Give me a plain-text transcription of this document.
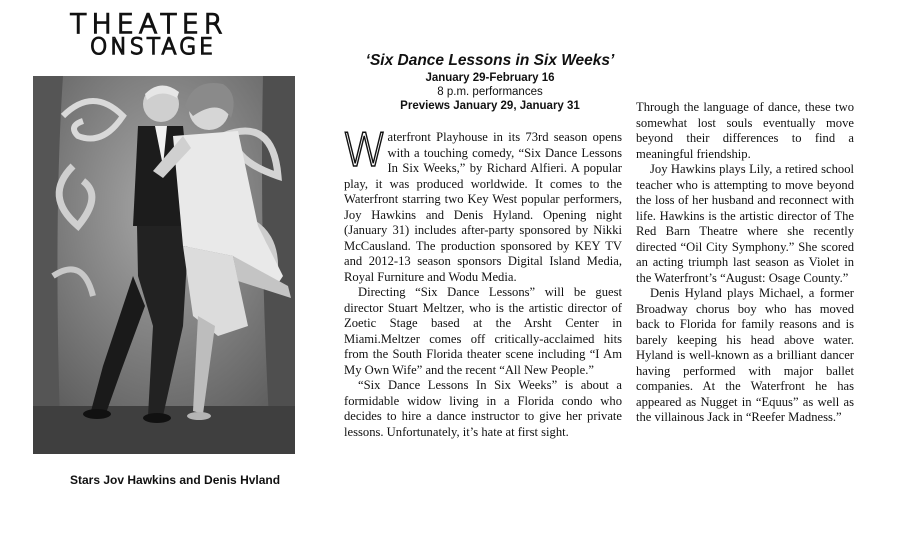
THEATER
ONSTAGE
Stars Jov Hawkins and Denis Hvland
‘Six Dance Lessons in Six Weeks’
January 29-February 16
8 p.m. performances
Previews January 29, January 31

Waterfront Playhouse in its 73rd season opens with a touching comedy, “Six Dance Lessons In Six Weeks,” by Richard Alfieri. A popular play, it was produced worldwide. It comes to the Waterfront starring two Key West popular performers, Joy Hawkins and Denis Hyland. Opening night (January 31) includes after-party sponsored by Nikki McCausland. The production sponsored by KEY TV and 2012-13 season sponsors Digital Island Media, Royal Furniture and Wodu Media.

Directing “Six Dance Lessons” will be guest director Stuart Meltzer, who is the artistic director of Zoetic Stage based at the Arsht Center in Miami.Meltzer comes off critically-acclaimed hits from the South Florida theater scene including “I Am My Own Wife” and the recent “All New People.”

“Six Dance Lessons In Six Weeks” is about a formidable widow living in a Florida condo who decides to hire a dance instructor to give her private lessons. Unfortunately, it’s hate at first sight.

Through the language of dance, these two somewhat lost souls eventually move beyond their differences to find a meaningful friendship.

Joy Hawkins plays Lily, a retired school teacher who is attempting to move beyond the loss of her husband and reconnect with life. Hawkins is the artistic director of The Red Barn Theatre where she recently directed “Oil City Symphony.” She scored an acting triumph last season as Violet in the Waterfront’s “August: Osage County.”

Denis Hyland plays Michael, a former Broadway chorus boy who has moved back to Florida for family reasons and is barely keeping his head above water. Hyland is well-known as a brilliant dancer having performed with major ballet companies. At the Waterfront he has appeared as Nugget in “Equus” as well as the villainous Jack in “Reefer Madness.”
